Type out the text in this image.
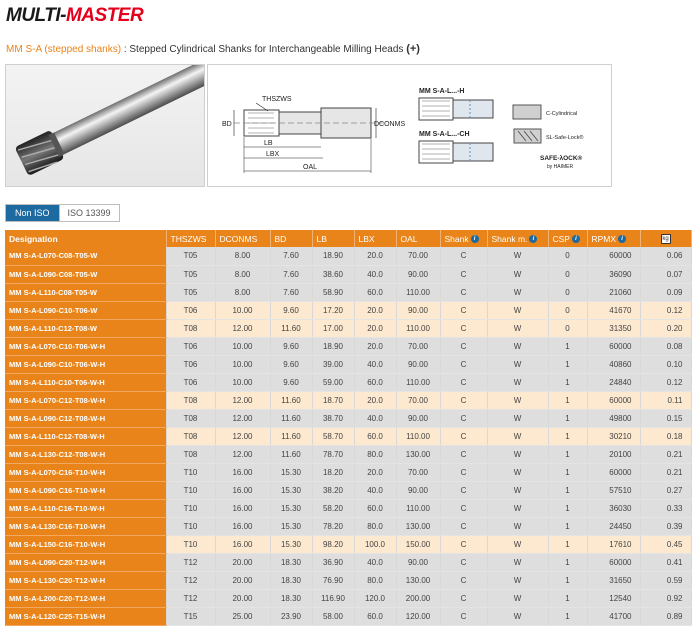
MULTI-MASTER
MM S-A (stepped shanks) : Stepped Cylindrical Shanks for Interchangeable Milling Heads (+)
THSZWS
BD
LB
LBX
OAL
DCONMS
MM S-A-L...-H
MM S-A-L...-CH
C-Cylindrical
SL-Safe-Lock®
SAFE-λOCK®
by HAIMER
Non ISO	ISO 13399
Designation	THSZWS	DCONMS	BD	LB	LBX	OAL	Shank i	Shank m. i	CSP i	RPMX i	kg
MM S-A-L070-C08-T05-W	T05	8.00	7.60	18.90	20.0	70.00	C	W	0	60000	0.06
MM S-A-L090-C08-T05-W	T05	8.00	7.60	38.60	40.0	90.00	C	W	0	36090	0.07
MM S-A-L110-C08-T05-W	T05	8.00	7.60	58.90	60.0	110.00	C	W	0	21060	0.09
MM S-A-L090-C10-T06-W	T06	10.00	9.60	17.20	20.0	90.00	C	W	0	41670	0.12
MM S-A-L110-C12-T08-W	T08	12.00	11.60	17.00	20.0	110.00	C	W	0	31350	0.20
MM S-A-L070-C10-T06-W-H	T06	10.00	9.60	18.90	20.0	70.00	C	W	1	60000	0.08
MM S-A-L090-C10-T06-W-H	T06	10.00	9.60	39.00	40.0	90.00	C	W	1	40860	0.10
MM S-A-L110-C10-T06-W-H	T06	10.00	9.60	59.00	60.0	110.00	C	W	1	24840	0.12
MM S-A-L070-C12-T08-W-H	T08	12.00	11.60	18.70	20.0	70.00	C	W	1	60000	0.11
MM S-A-L090-C12-T08-W-H	T08	12.00	11.60	38.70	40.0	90.00	C	W	1	49800	0.15
MM S-A-L110-C12-T08-W-H	T08	12.00	11.60	58.70	60.0	110.00	C	W	1	30210	0.18
MM S-A-L130-C12-T08-W-H	T08	12.00	11.60	78.70	80.0	130.00	C	W	1	20100	0.21
MM S-A-L070-C16-T10-W-H	T10	16.00	15.30	18.20	20.0	70.00	C	W	1	60000	0.21
MM S-A-L090-C16-T10-W-H	T10	16.00	15.30	38.20	40.0	90.00	C	W	1	57510	0.27
MM S-A-L110-C16-T10-W-H	T10	16.00	15.30	58.20	60.0	110.00	C	W	1	36030	0.33
MM S-A-L130-C16-T10-W-H	T10	16.00	15.30	78.20	80.0	130.00	C	W	1	24450	0.39
MM S-A-L150-C16-T10-W-H	T10	16.00	15.30	98.20	100.0	150.00	C	W	1	17610	0.45
MM S-A-L090-C20-T12-W-H	T12	20.00	18.30	36.90	40.0	90.00	C	W	1	60000	0.41
MM S-A-L130-C20-T12-W-H	T12	20.00	18.30	76.90	80.0	130.00	C	W	1	31650	0.59
MM S-A-L200-C20-T12-W-H	T12	20.00	18.30	116.90	120.0	200.00	C	W	1	12540	0.92
MM S-A-L120-C25-T15-W-H	T15	25.00	23.90	58.00	60.0	120.00	C	W	1	41700	0.89
